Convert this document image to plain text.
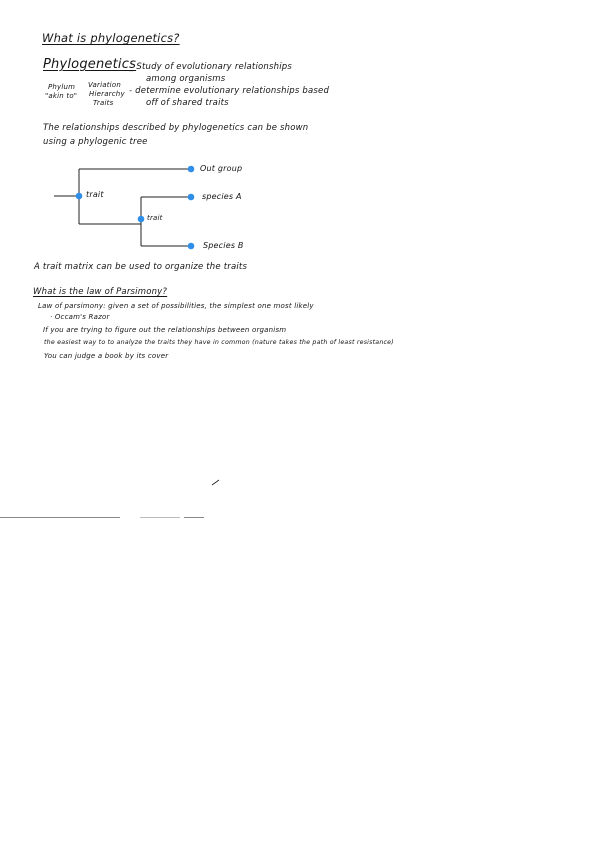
What is phylogenetics?
Phylogenetics
Phylum
"akin to"
Variation
Hierarchy
Traits
_ Study of evolutionary relationships
among organisms
- determine evolutionary relationships based
off of shared traits
The relationships described by phylogenetics can be shown
using a phylogenic tree
trait
trait
Out group
species A
Species B
A trait matrix can be used to organize the traits
What is the law of Parsimony?
Law of parsimony: given a set of possibilities, the simplest one most likely
· Occam's Razor
If you are trying to figure out the relationships between organism
the easiest way to to analyze the traits they have in common (nature takes the path of least resistance)
You can judge a book by its cover
